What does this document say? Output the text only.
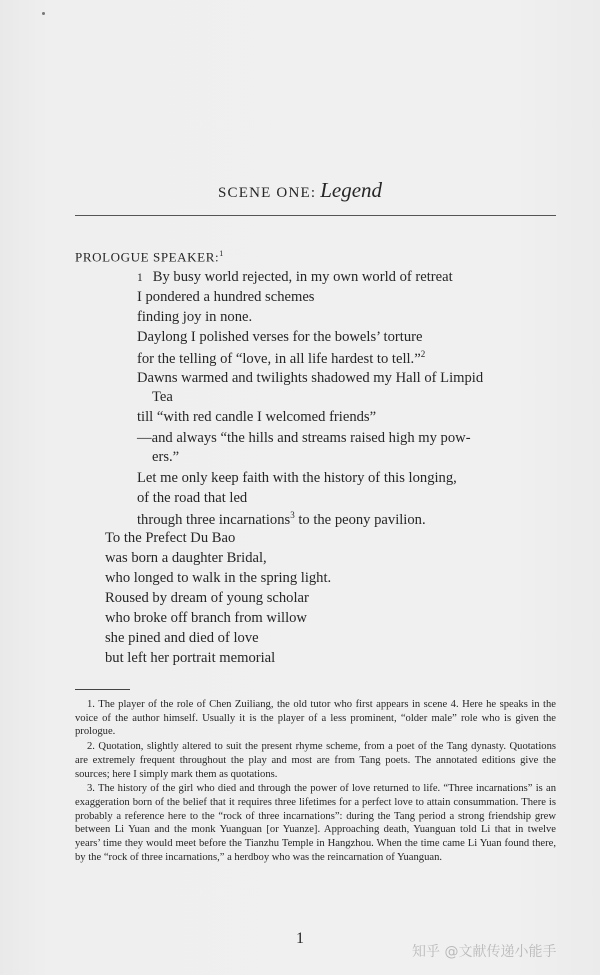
SCENE ONE: Legend
PROLOGUE SPEAKER:$^1$
1 By busy world rejected, in my own world of retreat
I pondered a hundred schemes
finding joy in none.
Daylong I polished verses for the bowels’ torture
for the telling of “love, in all life hardest to tell.”$^2$
Dawns warmed and twilights shadowed my Hall of Limpid
Tea
till “with red candle I welcomed friends”
—and always “the hills and streams raised high my pow-
ers.”
Let me only keep faith with the history of this longing,
of the road that led
through three incarnations$^3$ to the peony pavilion.
To the Prefect Du Bao
was born a daughter Bridal,
who longed to walk in the spring light.
Roused by dream of young scholar
who broke off branch from willow
she pined and died of love
but left her portrait memorial

1. The player of the role of Chen Zuiliang, the old tutor who first appears in scene 4. Here he speaks in the voice of the author himself. Usually it is the player of a less prominent, “older male” role who is given the prologue.

2. Quotation, slightly altered to suit the present rhyme scheme, from a poet of the Tang dynasty. Quotations are extremely frequent throughout the play and most are from Tang poets. The annotated editions give the sources; here I simply mark them as quotations.

3. The history of the girl who died and through the power of love returned to life. “Three incarnations” is an exaggeration born of the belief that it requires three lifetimes for a perfect love to attain consummation. There is probably a reference here to the “rock of three incarnations”: during the Tang period a strong friendship grew between Li Yuan and the monk Yuanguan [or Yuanze]. Approaching death, Yuanguan told Li that in twelve years’ time they would meet before the Tianzhu Temple in Hangzhou. When the time came Li Yuan found there, by the “rock of three incarnations,” a herdboy who was the reincarnation of Yuanguan.

1
知乎 @文献传递小能手
